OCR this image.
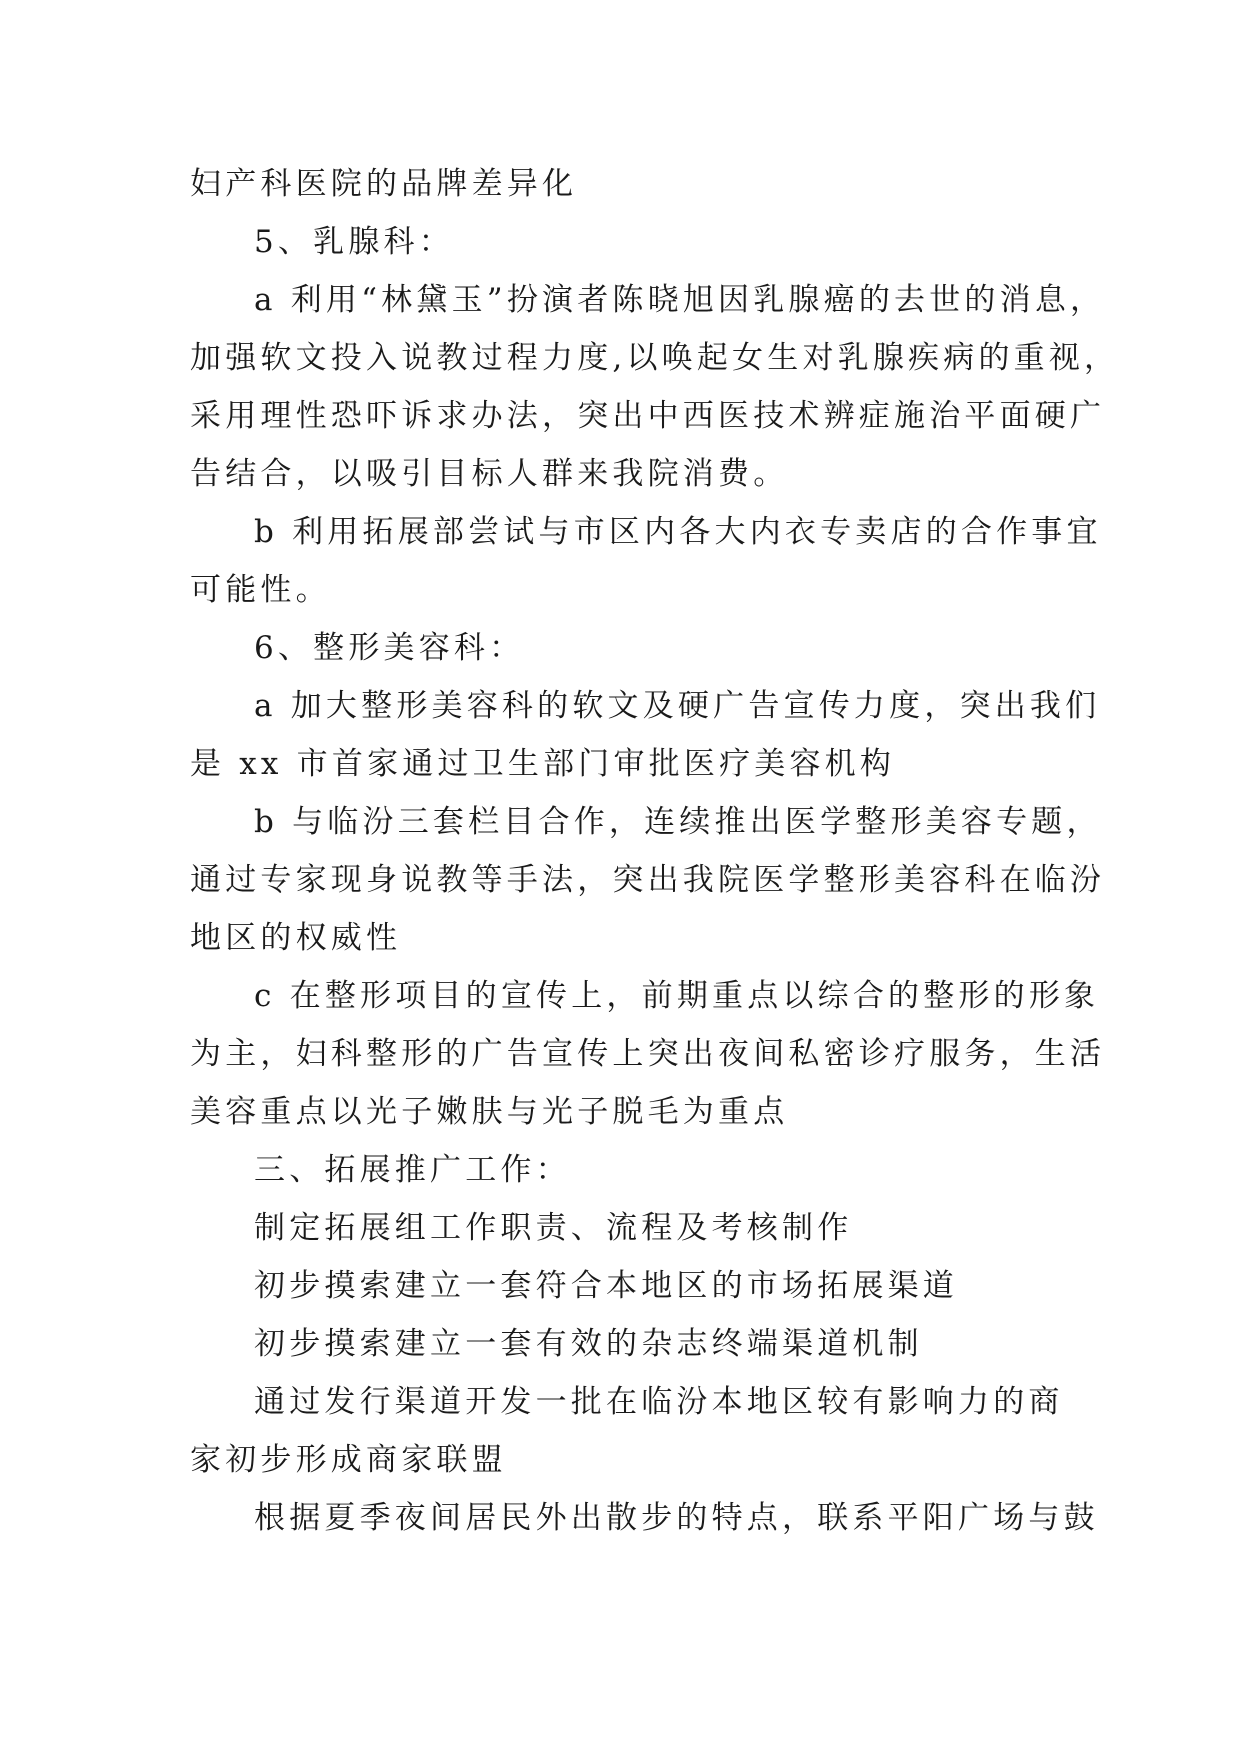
妇产科医院的品牌差异化
5、乳腺科：
a 利用“林黛玉”扮演者陈晓旭因乳腺癌的去世的消息，
加强软文投入说教过程力度,以唤起女生对乳腺疾病的重视，
采用理性恐吓诉求办法，突出中西医技术辨症施治平面硬广
告结合，以吸引目标人群来我院消费。
b 利用拓展部尝试与市区内各大内衣专卖店的合作事宜
可能性。
6、整形美容科：
a 加大整形美容科的软文及硬广告宣传力度，突出我们
是 xx 市首家通过卫生部门审批医疗美容机构
b 与临汾三套栏目合作，连续推出医学整形美容专题，
通过专家现身说教等手法，突出我院医学整形美容科在临汾
地区的权威性
c 在整形项目的宣传上，前期重点以综合的整形的形象
为主，妇科整形的广告宣传上突出夜间私密诊疗服务，生活
美容重点以光子嫩肤与光子脱毛为重点
三、拓展推广工作：
制定拓展组工作职责、流程及考核制作
初步摸索建立一套符合本地区的市场拓展渠道
初步摸索建立一套有效的杂志终端渠道机制
通过发行渠道开发一批在临汾本地区较有影响力的商
家初步形成商家联盟
根据夏季夜间居民外出散步的特点，联系平阳广场与鼓
